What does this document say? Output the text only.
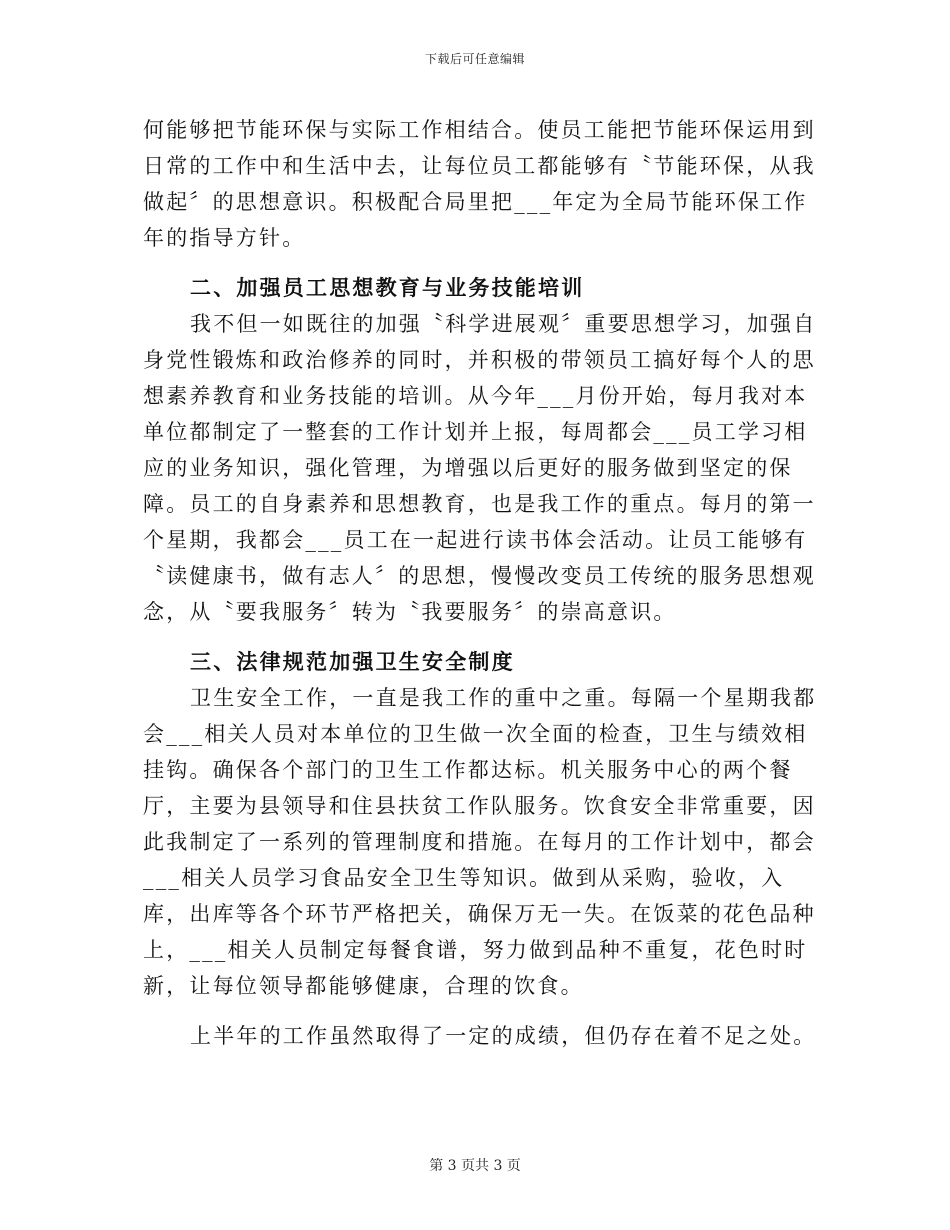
下载后可任意编辑

何能够把节能环保与实际工作相结合。使员工能把节能环保运用到日常的工作中和生活中去，让每位员工都能够有〝节能环保，从我做起〞的思想意识。积极配合局里把___年定为全局节能环保工作年的指导方针。

二、加强员工思想教育与业务技能培训

我不但一如既往的加强〝科学进展观〞重要思想学习，加强自身党性锻炼和政治修养的同时，并积极的带领员工搞好每个人的思想素养教育和业务技能的培训。从今年___月份开始，每月我对本单位都制定了一整套的工作计划并上报，每周都会___员工学习相应的业务知识，强化管理，为增强以后更好的服务做到坚定的保障。员工的自身素养和思想教育，也是我工作的重点。每月的第一个星期，我都会___员工在一起进行读书体会活动。让员工能够有〝读健康书，做有志人〞的思想，慢慢改变员工传统的服务思想观念，从〝要我服务〞转为〝我要服务〞的崇高意识。

三、法律规范加强卫生安全制度

卫生安全工作，一直是我工作的重中之重。每隔一个星期我都会___相关人员对本单位的卫生做一次全面的检查，卫生与绩效相挂钩。确保各个部门的卫生工作都达标。机关服务中心的两个餐厅，主要为县领导和住县扶贫工作队服务。饮食安全非常重要，因此我制定了一系列的管理制度和措施。在每月的工作计划中，都会___相关人员学习食品安全卫生等知识。做到从采购，验收，入库，出库等各个环节严格把关，确保万无一失。在饭菜的花色品种上，___相关人员制定每餐食谱，努力做到品种不重复，花色时时新，让每位领导都能够健康，合理的饮食。

上半年的工作虽然取得了一定的成绩，但仍存在着不足之处。

第 3 页共 3 页
